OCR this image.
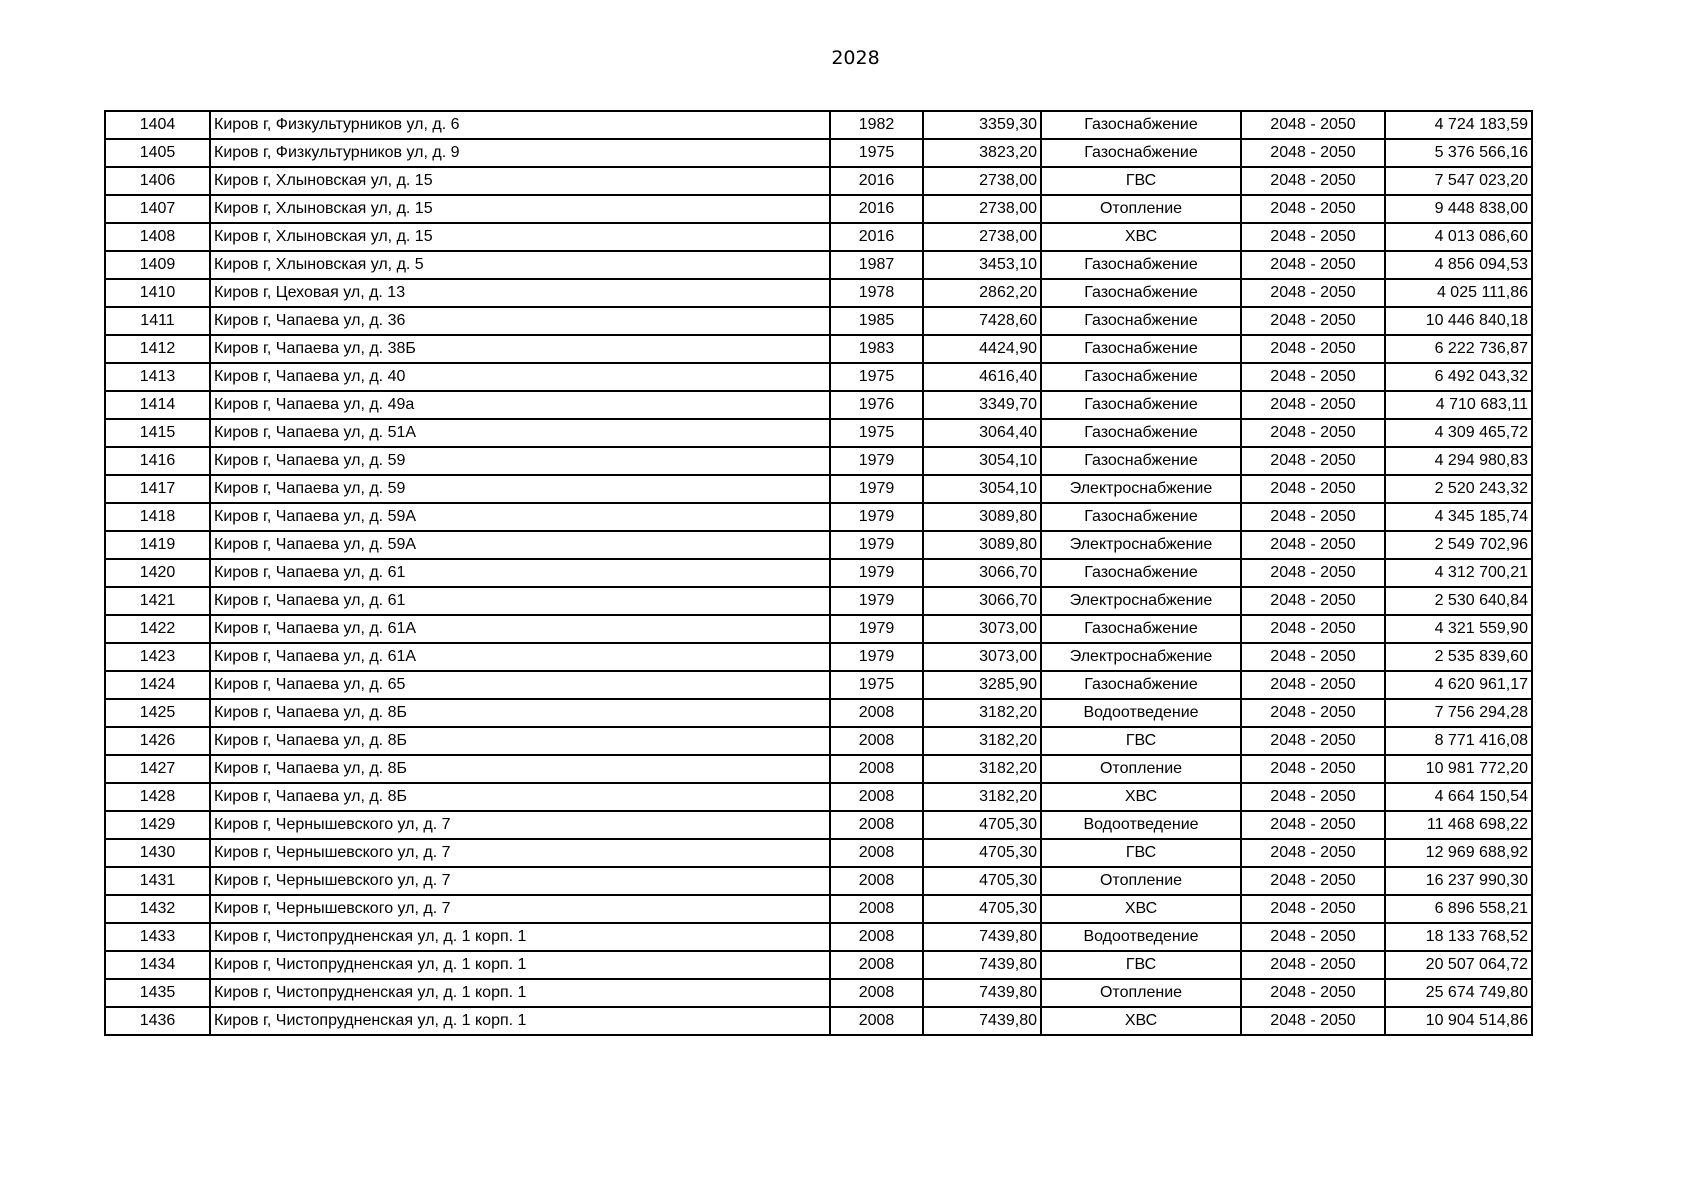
2028
1404	Киров г, Физкультурников ул, д. 6	1982	3359,30	Газоснабжение	2048 - 2050	4 724 183,59
1405	Киров г, Физкультурников ул, д. 9	1975	3823,20	Газоснабжение	2048 - 2050	5 376 566,16
1406	Киров г, Хлыновская ул, д. 15	2016	2738,00	ГВС	2048 - 2050	7 547 023,20
1407	Киров г, Хлыновская ул, д. 15	2016	2738,00	Отопление	2048 - 2050	9 448 838,00
1408	Киров г, Хлыновская ул, д. 15	2016	2738,00	ХВС	2048 - 2050	4 013 086,60
1409	Киров г, Хлыновская ул, д. 5	1987	3453,10	Газоснабжение	2048 - 2050	4 856 094,53
1410	Киров г, Цеховая ул, д. 13	1978	2862,20	Газоснабжение	2048 - 2050	4 025 111,86
1411	Киров г, Чапаева ул, д. 36	1985	7428,60	Газоснабжение	2048 - 2050	10 446 840,18
1412	Киров г, Чапаева ул, д. 38Б	1983	4424,90	Газоснабжение	2048 - 2050	6 222 736,87
1413	Киров г, Чапаева ул, д. 40	1975	4616,40	Газоснабжение	2048 - 2050	6 492 043,32
1414	Киров г, Чапаева ул, д. 49а	1976	3349,70	Газоснабжение	2048 - 2050	4 710 683,11
1415	Киров г, Чапаева ул, д. 51А	1975	3064,40	Газоснабжение	2048 - 2050	4 309 465,72
1416	Киров г, Чапаева ул, д. 59	1979	3054,10	Газоснабжение	2048 - 2050	4 294 980,83
1417	Киров г, Чапаева ул, д. 59	1979	3054,10	Электроснабжение	2048 - 2050	2 520 243,32
1418	Киров г, Чапаева ул, д. 59А	1979	3089,80	Газоснабжение	2048 - 2050	4 345 185,74
1419	Киров г, Чапаева ул, д. 59А	1979	3089,80	Электроснабжение	2048 - 2050	2 549 702,96
1420	Киров г, Чапаева ул, д. 61	1979	3066,70	Газоснабжение	2048 - 2050	4 312 700,21
1421	Киров г, Чапаева ул, д. 61	1979	3066,70	Электроснабжение	2048 - 2050	2 530 640,84
1422	Киров г, Чапаева ул, д. 61А	1979	3073,00	Газоснабжение	2048 - 2050	4 321 559,90
1423	Киров г, Чапаева ул, д. 61А	1979	3073,00	Электроснабжение	2048 - 2050	2 535 839,60
1424	Киров г, Чапаева ул, д. 65	1975	3285,90	Газоснабжение	2048 - 2050	4 620 961,17
1425	Киров г, Чапаева ул, д. 8Б	2008	3182,20	Водоотведение	2048 - 2050	7 756 294,28
1426	Киров г, Чапаева ул, д. 8Б	2008	3182,20	ГВС	2048 - 2050	8 771 416,08
1427	Киров г, Чапаева ул, д. 8Б	2008	3182,20	Отопление	2048 - 2050	10 981 772,20
1428	Киров г, Чапаева ул, д. 8Б	2008	3182,20	ХВС	2048 - 2050	4 664 150,54
1429	Киров г, Чернышевского ул, д. 7	2008	4705,30	Водоотведение	2048 - 2050	11 468 698,22
1430	Киров г, Чернышевского ул, д. 7	2008	4705,30	ГВС	2048 - 2050	12 969 688,92
1431	Киров г, Чернышевского ул, д. 7	2008	4705,30	Отопление	2048 - 2050	16 237 990,30
1432	Киров г, Чернышевского ул, д. 7	2008	4705,30	ХВС	2048 - 2050	6 896 558,21
1433	Киров г, Чистопрудненская ул, д. 1 корп. 1	2008	7439,80	Водоотведение	2048 - 2050	18 133 768,52
1434	Киров г, Чистопрудненская ул, д. 1 корп. 1	2008	7439,80	ГВС	2048 - 2050	20 507 064,72
1435	Киров г, Чистопрудненская ул, д. 1 корп. 1	2008	7439,80	Отопление	2048 - 2050	25 674 749,80
1436	Киров г, Чистопрудненская ул, д. 1 корп. 1	2008	7439,80	ХВС	2048 - 2050	10 904 514,86
